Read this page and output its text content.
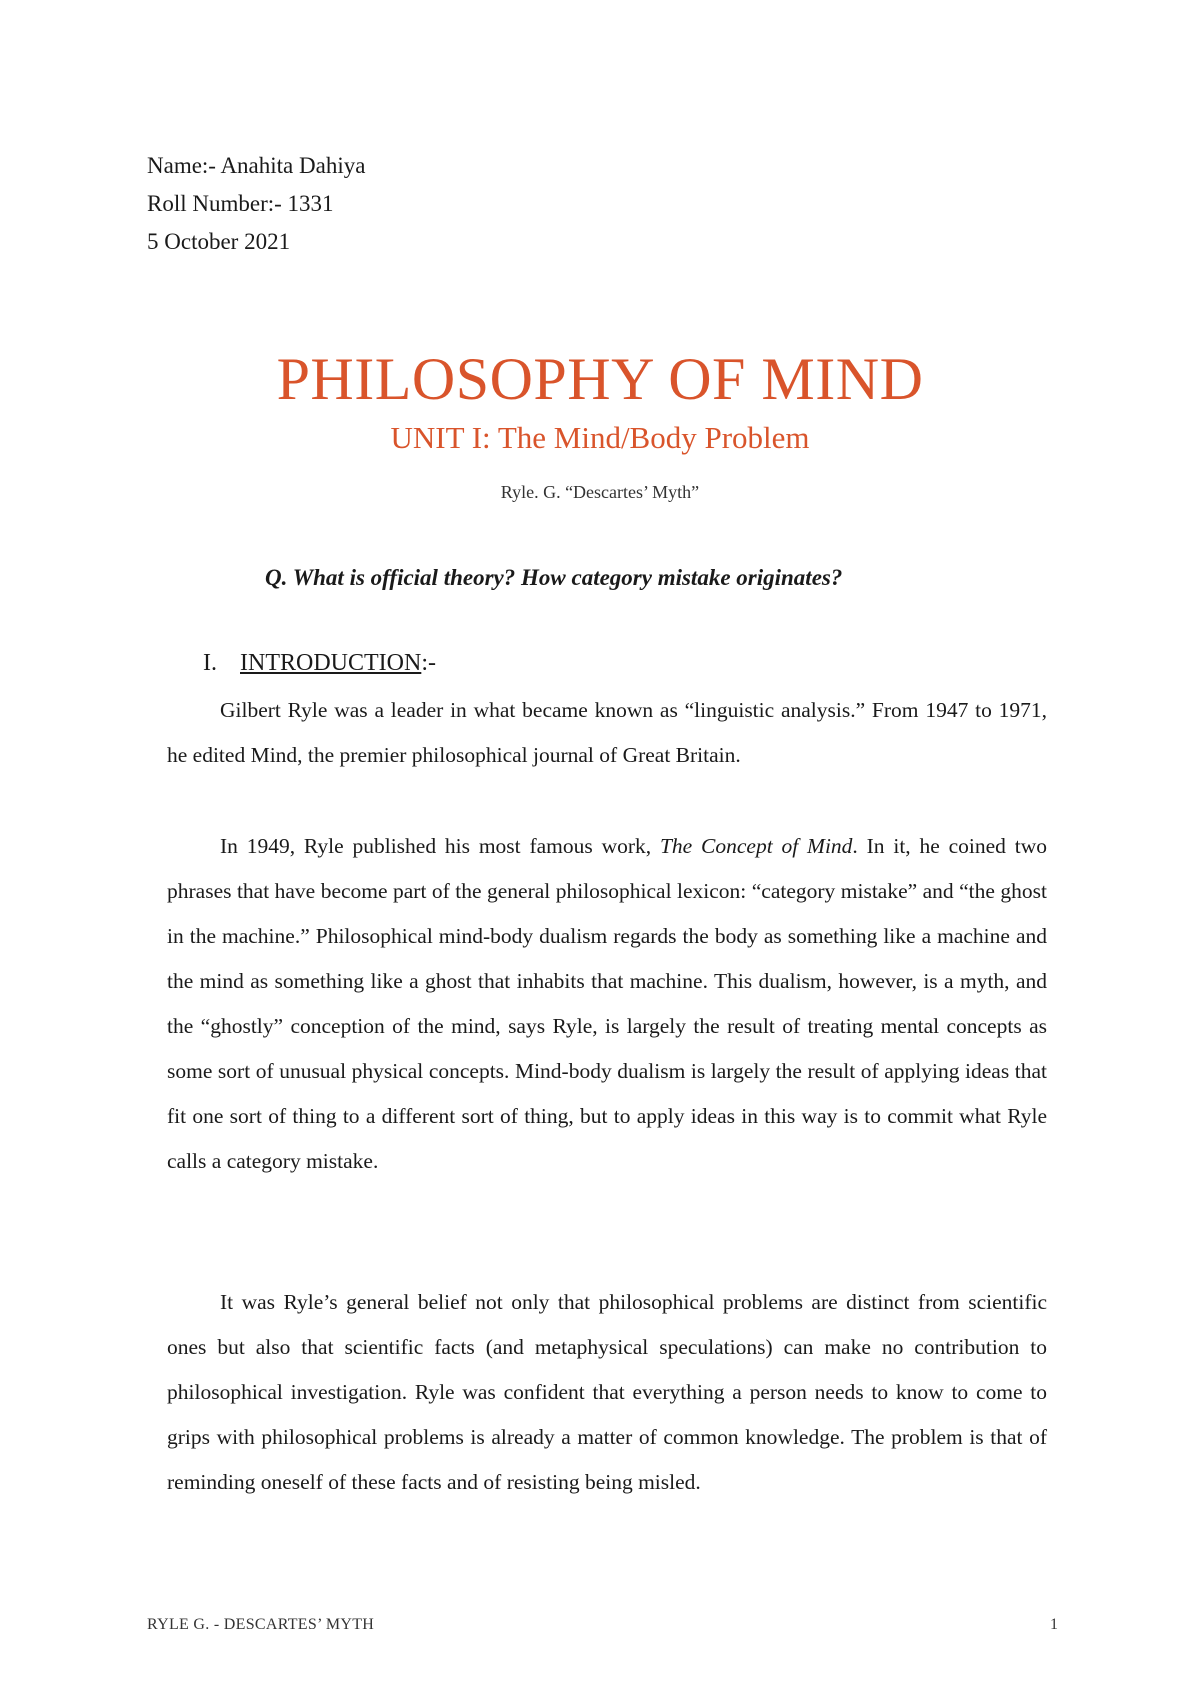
Name:- Anahita Dahiya
Roll Number:- 1331
5 October 2021
PHILOSOPHY OF MIND
UNIT I: The Mind/Body Problem
Ryle. G. “Descartes’ Myth”
Q. What is official theory? How category mistake originates?
I. INTRODUCTION:-

Gilbert Ryle was a leader in what became known as “linguistic analysis.” From 1947 to 1971, he edited Mind, the premier philosophical journal of Great Britain.

In 1949, Ryle published his most famous work, The Concept of Mind. In it, he coined two phrases that have become part of the general philosophical lexicon: “category mistake” and “the ghost in the machine.” Philosophical mind-body dualism regards the body as something like a machine and the mind as something like a ghost that inhabits that machine. This dualism, however, is a myth, and the “ghostly” conception of the mind, says Ryle, is largely the result of treating mental concepts as some sort of unusual physical concepts. Mind-body dualism is largely the result of applying ideas that fit one sort of thing to a different sort of thing, but to apply ideas in this way is to commit what Ryle calls a category mistake.

It was Ryle’s general belief not only that philosophical problems are distinct from scientific ones but also that scientific facts (and metaphysical speculations) can make no contribution to philosophical investigation. Ryle was confident that everything a person needs to know to come to grips with philosophical problems is already a matter of common knowledge. The problem is that of reminding oneself of these facts and of resisting being misled.

RYLE G. - DESCARTES’ MYTH	1
